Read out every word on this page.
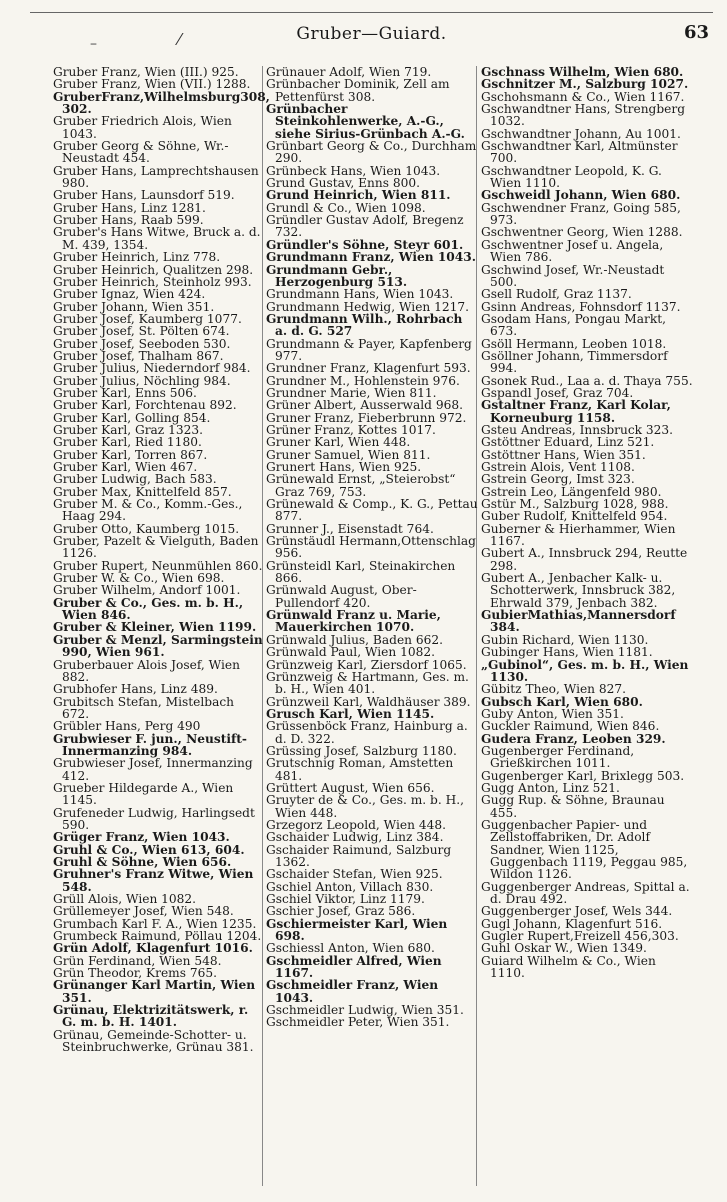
–	⁄	Gruber—Guiard.	63
Gruber Franz, Wien (III.) 925.
Gruber Franz, Wien (VII.) 1288.
GruberFranz,Wilhelmsburg308, 302.
Gruber Friedrich Alois, Wien 1043.
Gruber Georg & Söhne, Wr.-Neustadt 454.
Gruber Hans, Lamprechtshausen 980.
Gruber Hans, Launsdorf 519.
Gruber Hans, Linz 1281.
Gruber Hans, Raab 599.
Gruber's Hans Witwe, Bruck a. d. M. 439, 1354.
Gruber Heinrich, Linz 778.
Gruber Heinrich, Qualitzen 298.
Gruber Heinrich, Steinholz 993.
Gruber Ignaz, Wien 424.
Gruber Johann, Wien 351.
Gruber Josef, Kaumberg 1077.
Gruber Josef, St. Pölten 674.
Gruber Josef, Seeboden 530.
Gruber Josef, Thalham 867.
Gruber Julius, Niederndorf 984.
Gruber Julius, Nöchling 984.
Gruber Karl, Enns 506.
Gruber Karl, Forchtenau 892.
Gruber Karl, Golling 854.
Gruber Karl, Graz 1323.
Gruber Karl, Ried 1180.
Gruber Karl, Torren 867.
Gruber Karl, Wien 467.
Gruber Ludwig, Bach 583.
Gruber Max, Knittelfeld 857.
Gruber M. & Co., Komm.-Ges., Haag 294.
Gruber Otto, Kaumberg 1015.
Gruber, Pazelt & Vielguth, Baden 1126.
Gruber Rupert, Neunmühlen 860.
Gruber W. & Co., Wien 698.
Gruber Wilhelm, Andorf 1001.
Gruber & Co., Ges. m. b. H., Wien 846.
Gruber & Kleiner, Wien 1199.
Gruber & Menzl, Sarmingstein 990, Wien 961.
Gruberbauer Alois Josef, Wien 882.
Grubhofer Hans, Linz 489.
Grubitsch Stefan, Mistelbach 672.
Grübler Hans, Perg 490
Grubwieser F. jun., Neustift-Innermanzing 984.
Grubwieser Josef, Innermanzing 412.
Grueber Hildegarde A., Wien 1145.
Grufeneder Ludwig, Harlingsedt 590.
Grüger Franz, Wien 1043.
Gruhl & Co., Wien 613, 604.
Gruhl & Söhne, Wien 656.
Gruhner's Franz Witwe, Wien 548.
Grüll Alois, Wien 1082.
Grüllemeyer Josef, Wien 548.
Grumbach Karl F. A., Wien 1235.
Grumbeck Raimund, Pöllau 1204.
Grün Adolf, Klagenfurt 1016.
Grün Ferdinand, Wien 548.
Grün Theodor, Krems 765.
Grünanger Karl Martin, Wien 351.
Grünau, Elektrizitätswerk, r. G. m. b. H. 1401.
Grünau, Gemeinde-Schotter- u. Steinbruchwerke, Grünau 381.
Grünauer Adolf, Wien 719.
Grünbacher Dominik, Zell am Pettenfürst 308.
Grünbacher Steinkohlenwerke, A.-G., siehe Sirius-Grünbach A.-G.
Grünbart Georg & Co., Durchham 290.
Grünbeck Hans, Wien 1043.
Grund Gustav, Enns 800.
Grund Heinrich, Wien 811.
Grundl & Co., Wien 1098.
Gründler Gustav Adolf, Bregenz 732.
Gründler's Söhne, Steyr 601.
Grundmann Franz, Wien 1043.
Grundmann Gebr., Herzogenburg 513.
Grundmann Hans, Wien 1043.
Grundmann Hedwig, Wien 1217.
Grundmann Wilh., Rohrbach a. d. G. 527
Grundmann & Payer, Kapfenberg 977.
Grundner Franz, Klagenfurt 593.
Grundner M., Hohlenstein 976.
Grundner Marie, Wien 811.
Grüner Albert, Ausserwald 968.
Gruner Franz, Fieberbrunn 972.
Grüner Franz, Kottes 1017.
Gruner Karl, Wien 448.
Gruner Samuel, Wien 811.
Grunert Hans, Wien 925.
Grünewald Ernst, „Steierobst“ Graz 769, 753.
Grünewald & Comp., K. G., Pettau 877.
Grunner J., Eisenstadt 764.
Grünstäudl Hermann,Ottenschlag 956.
Grünsteidl Karl, Steinakirchen 866.
Grünwald August, Ober-Pullendorf 420.
Grünwald Franz u. Marie, Mauerkirchen 1070.
Grünwald Julius, Baden 662.
Grünwald Paul, Wien 1082.
Grünzweig Karl, Ziersdorf 1065.
Grünzweig & Hartmann, Ges. m. b. H., Wien 401.
Grünzweil Karl, Waldhäuser 389.
Grusch Karl, Wien 1145.
Grüssenböck Franz, Hainburg a. d. D. 322.
Grüssing Josef, Salzburg 1180.
Grutschnig Roman, Amstetten 481.
Grüttert August, Wien 656.
Gruyter de & Co., Ges. m. b. H., Wien 448.
Grzegorz Leopold, Wien 448.
Gschaider Ludwig, Linz 384.
Gschaider Raimund, Salzburg 1362.
Gschaider Stefan, Wien 925.
Gschiel Anton, Villach 830.
Gschiel Viktor, Linz 1179.
Gschier Josef, Graz 586.
Gschiermeister Karl, Wien 698.
Gschiessl Anton, Wien 680.
Gschmeidler Alfred, Wien 1167.
Gschmeidler Franz, Wien 1043.
Gschmeidler Ludwig, Wien 351.
Gschmeidler Peter, Wien 351.
Gschnass Wilhelm, Wien 680.
Gschnitzer M., Salzburg 1027.
Gschohsmann & Co., Wien 1167.
Gschwandtner Hans, Strengberg 1032.
Gschwandtner Johann, Au 1001.
Gschwandtner Karl, Altmünster 700.
Gschwandtner Leopold, K. G. Wien 1110.
Gschweidl Johann, Wien 680.
Gschwendner Franz, Going 585, 973.
Gschwentner Georg, Wien 1288.
Gschwentner Josef u. Angela, Wien 786.
Gschwind Josef, Wr.-Neustadt 500.
Gsell Rudolf, Graz 1137.
Gsinn Andreas, Fohnsdorf 1137.
Gsodam Hans, Pongau Markt, 673.
Gsöll Hermann, Leoben 1018.
Gsöllner Johann, Timmersdorf 994.
Gsonek Rud., Laa a. d. Thaya 755.
Gspandl Josef, Graz 704.
Gstaltner Franz, Karl Kolar, Korneuburg 1158.
Gsteu Andreas, Innsbruck 323.
Gstöttner Eduard, Linz 521.
Gstöttner Hans, Wien 351.
Gstrein Alois, Vent 1108.
Gstrein Georg, Imst 323.
Gstrein Leo, Längenfeld 980.
Gstür M., Salzburg 1028, 988.
Guber Rudolf, Knittelfeld 954.
Guberner & Hierhammer, Wien 1167.
Gubert A., Innsbruck 294, Reutte 298.
Gubert A., Jenbacher Kalk- u. Schotterwerk, Innsbruck 382, Ehrwald 379, Jenbach 382.
GubierMathias,Mannersdorf 384.
Gubin Richard, Wien 1130.
Gubinger Hans, Wien 1181.
„Gubinol“, Ges. m. b. H., Wien 1130.
Gübitz Theo, Wien 827.
Gubsch Karl, Wien 680.
Guby Anton, Wien 351.
Guckler Raimund, Wien 846.
Gudera Franz, Leoben 329.
Gugenberger Ferdinand, Grießkirchen 1011.
Gugenberger Karl, Brixlegg 503.
Gugg Anton, Linz 521.
Gugg Rup. & Söhne, Braunau 455.
Guggenbacher Papier- und Zellstoffabriken, Dr. Adolf Sandner, Wien 1125, Guggenbach 1119, Peggau 985, Wildon 1126.
Guggenberger Andreas, Spittal a. d. Drau 492.
Guggenberger Josef, Wels 344.
Gugl Johann, Klagenfurt 516.
Gugler Rupert,Freizell 456,303.
Guhl Oskar W., Wien 1349.
Guiard Wilhelm & Co., Wien 1110.
